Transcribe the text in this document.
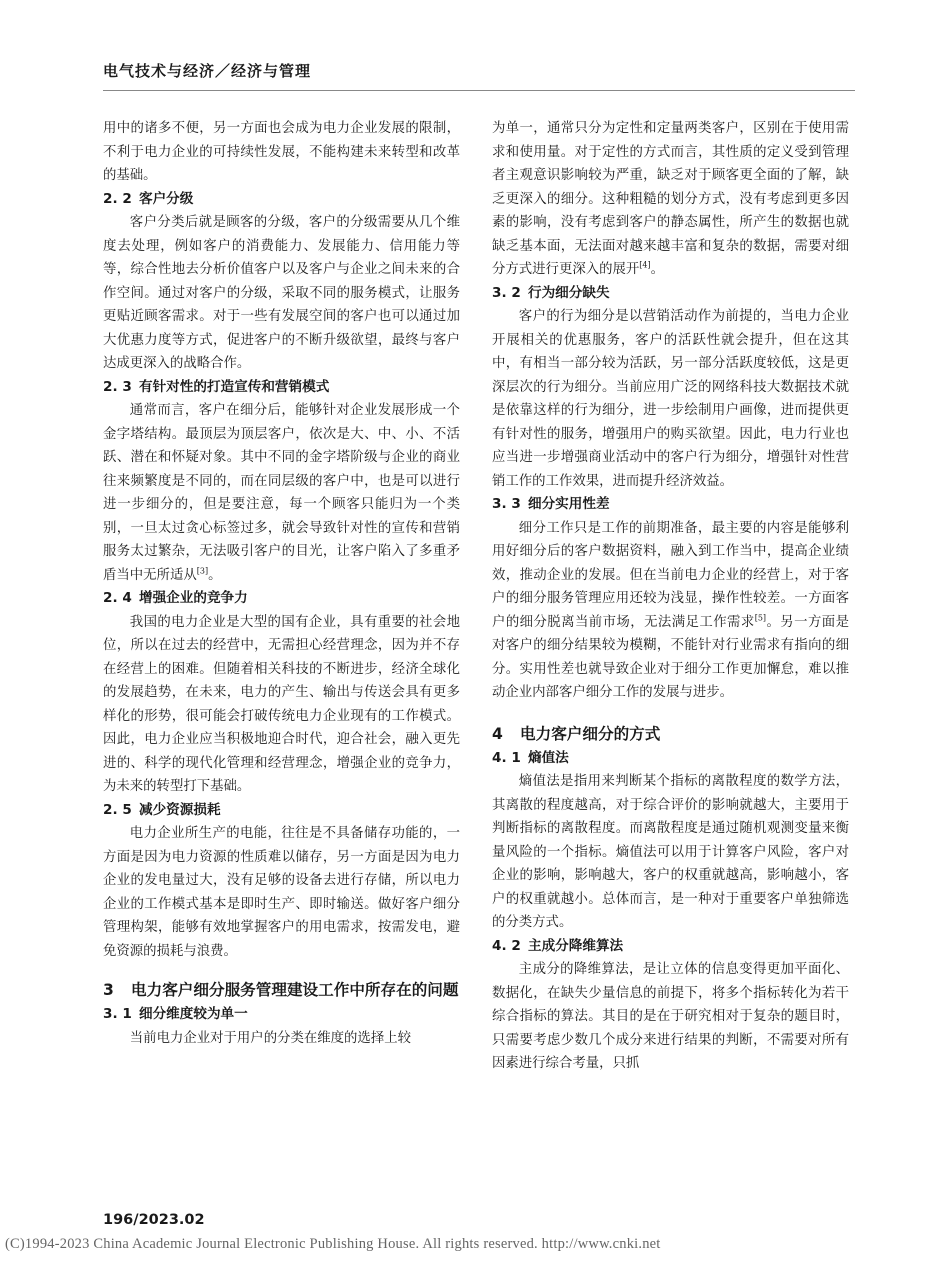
电气技术与经济／经济与管理

用中的诸多不便，另一方面也会成为电力企业发展的限制，不利于电力企业的可持续性发展，不能构建未来转型和改革的基础。

2. 2 客户分级

客户分类后就是顾客的分级，客户的分级需要从几个维度去处理，例如客户的消费能力、发展能力、信用能力等等，综合性地去分析价值客户以及客户与企业之间未来的合作空间。通过对客户的分级，采取不同的服务模式，让服务更贴近顾客需求。对于一些有发展空间的客户也可以通过加大优惠力度等方式，促进客户的不断升级欲望，最终与客户达成更深入的战略合作。

2. 3 有针对性的打造宣传和营销模式

通常而言，客户在细分后，能够针对企业发展形成一个金字塔结构。最顶层为顶层客户，依次是大、中、小、不活跃、潜在和怀疑对象。其中不同的金字塔阶级与企业的商业往来频繁度是不同的，而在同层级的客户中，也是可以进行进一步细分的，但是要注意，每一个顾客只能归为一个类别，一旦太过贪心标签过多，就会导致针对性的宣传和营销服务太过繁杂，无法吸引客户的目光，让客户陷入了多重矛盾当中无所适从[3]。

2. 4 增强企业的竞争力

我国的电力企业是大型的国有企业，具有重要的社会地位，所以在过去的经营中，无需担心经营理念，因为并不存在经营上的困难。但随着相关科技的不断进步，经济全球化的发展趋势，在未来，电力的产生、输出与传送会具有更多样化的形势，很可能会打破传统电力企业现有的工作模式。因此，电力企业应当积极地迎合时代，迎合社会，融入更先进的、科学的现代化管理和经营理念，增强企业的竞争力，为未来的转型打下基础。

2. 5 减少资源损耗

电力企业所生产的电能，往往是不具备储存功能的，一方面是因为电力资源的性质难以储存，另一方面是因为电力企业的发电量过大，没有足够的设备去进行存储，所以电力企业的工作模式基本是即时生产、即时输送。做好客户细分管理构架，能够有效地掌握客户的用电需求，按需发电，避免资源的损耗与浪费。

3	电力客户细分服务管理建设工作中所存在的问题
3. 1 细分维度较为单一

当前电力企业对于用户的分类在维度的选择上较

为单一，通常只分为定性和定量两类客户，区别在于使用需求和使用量。对于定性的方式而言，其性质的定义受到管理者主观意识影响较为严重，缺乏对于顾客更全面的了解，缺乏更深入的细分。这种粗糙的划分方式，没有考虑到更多因素的影响，没有考虑到客户的静态属性，所产生的数据也就缺乏基本面，无法面对越来越丰富和复杂的数据，需要对细分方式进行更深入的展开[4]。

3. 2 行为细分缺失

客户的行为细分是以营销活动作为前提的，当电力企业开展相关的优惠服务，客户的活跃性就会提升，但在这其中，有相当一部分较为活跃，另一部分活跃度较低，这是更深层次的行为细分。当前应用广泛的网络科技大数据技术就是依靠这样的行为细分，进一步绘制用户画像，进而提供更有针对性的服务，增强用户的购买欲望。因此，电力行业也应当进一步增强商业活动中的客户行为细分，增强针对性营销工作的工作效果，进而提升经济效益。

3. 3 细分实用性差

细分工作只是工作的前期准备，最主要的内容是能够利用好细分后的客户数据资料，融入到工作当中，提高企业绩效，推动企业的发展。但在当前电力企业的经营上，对于客户的细分服务管理应用还较为浅显，操作性较差。一方面客户的细分脱离当前市场，无法满足工作需求[5]。另一方面是对客户的细分结果较为模糊，不能针对行业需求有指向的细分。实用性差也就导致企业对于细分工作更加懈怠，难以推动企业内部客户细分工作的发展与进步。

4	电力客户细分的方式
4. 1 熵值法

熵值法是指用来判断某个指标的离散程度的数学方法，其离散的程度越高，对于综合评价的影响就越大，主要用于判断指标的离散程度。而离散程度是通过随机观测变量来衡量风险的一个指标。熵值法可以用于计算客户风险，客户对企业的影响，影响越大，客户的权重就越高，影响越小，客户的权重就越小。总体而言，是一种对于重要客户单独筛选的分类方式。

4. 2 主成分降维算法

主成分的降维算法，是让立体的信息变得更加平面化、数据化，在缺失少量信息的前提下，将多个指标转化为若干综合指标的算法。其目的是在于研究相对于复杂的题目时，只需要考虑少数几个成分来进行结果的判断，不需要对所有因素进行综合考量，只抓

196/2023.02
(C)1994-2023 China Academic Journal Electronic Publishing House. All rights reserved. http://www.cnki.net
